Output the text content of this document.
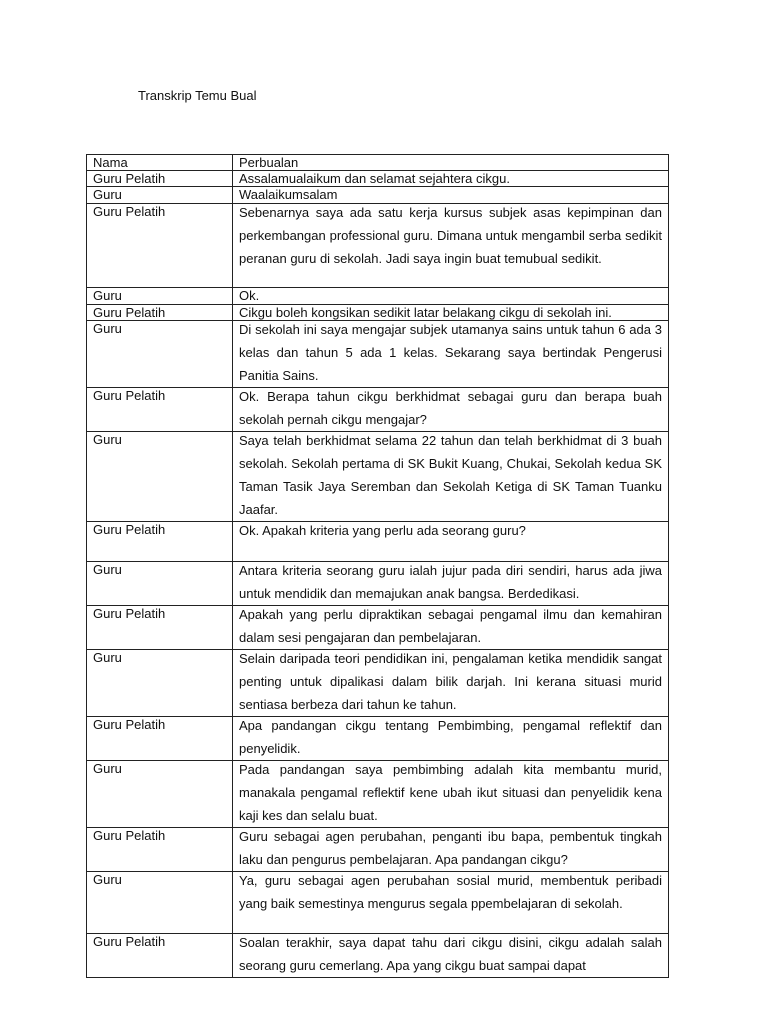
Transkrip Temu Bual
Nama	Perbualan
Guru Pelatih	Assalamualaikum dan selamat sejahtera cikgu.
Guru	Waalaikumsalam
Guru Pelatih	Sebenarnya saya ada satu kerja kursus subjek asas kepimpinan dan perkembangan professional guru. Dimana untuk mengambil serba sedikit peranan guru di sekolah. Jadi saya ingin buat temubual sedikit.

Guru	Ok.
Guru Pelatih	Cikgu boleh kongsikan sedikit latar belakang cikgu di sekolah ini.
Guru	Di sekolah ini saya mengajar subjek utamanya sains untuk tahun 6 ada 3 kelas dan tahun 5 ada 1 kelas. Sekarang saya bertindak Pengerusi Panitia Sains.

Guru Pelatih	Ok. Berapa tahun cikgu berkhidmat sebagai guru dan berapa buah sekolah pernah cikgu mengajar?

Guru	Saya telah berkhidmat selama 22 tahun dan telah berkhidmat di 3 buah sekolah. Sekolah pertama di SK Bukit Kuang, Chukai, Sekolah kedua SK Taman Tasik Jaya Seremban dan Sekolah Ketiga di SK Taman Tuanku Jaafar.

Guru Pelatih	Ok. Apakah kriteria yang perlu ada seorang guru?

Guru	Antara kriteria seorang guru ialah jujur pada diri sendiri, harus ada jiwa untuk mendidik dan memajukan anak bangsa. Berdedikasi.

Guru Pelatih	Apakah yang perlu dipraktikan sebagai pengamal ilmu dan kemahiran dalam sesi pengajaran dan pembelajaran.

Guru	Selain daripada teori pendidikan ini, pengalaman ketika mendidik sangat penting untuk dipalikasi dalam bilik darjah. Ini kerana situasi murid sentiasa berbeza dari tahun ke tahun.

Guru Pelatih	Apa pandangan cikgu tentang Pembimbing, pengamal reflektif dan penyelidik.

Guru	Pada pandangan saya pembimbing adalah kita membantu murid, manakala pengamal reflektif kene ubah ikut situasi dan penyelidik kena kaji kes dan selalu buat.

Guru Pelatih	Guru sebagai agen perubahan, penganti ibu bapa, pembentuk tingkah laku dan pengurus pembelajaran. Apa pandangan cikgu?

Guru	Ya, guru sebagai agen perubahan sosial murid, membentuk peribadi yang baik semestinya mengurus segala ppembelajaran di sekolah.

Guru Pelatih	Soalan terakhir, saya dapat tahu dari cikgu disini, cikgu adalah salah seorang guru cemerlang. Apa yang cikgu buat sampai dapat
